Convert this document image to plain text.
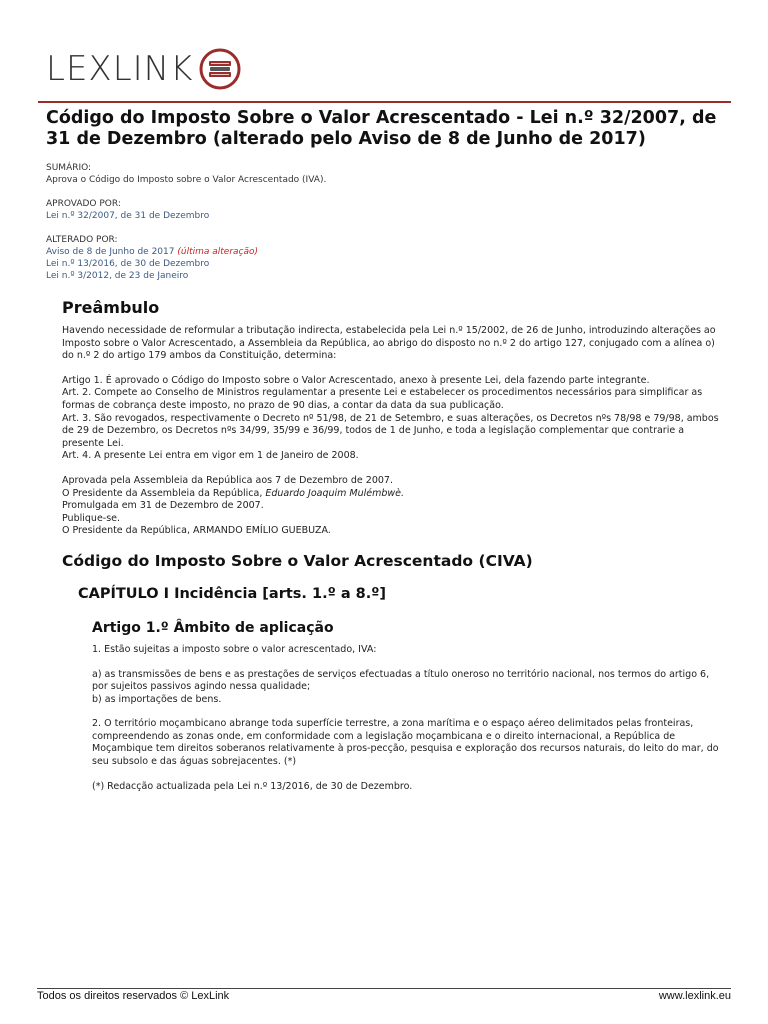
LEXLINK
Código do Imposto Sobre o Valor Acrescentado - Lei n.º 32/2007, de 31 de Dezembro (alterado pelo Aviso de 8 de Junho de 2017)
SUMÁRIO:
Aprova o Código do Imposto sobre o Valor Acrescentado (IVA).
APROVADO POR:
Lei n.º 32/2007, de 31 de Dezembro
ALTERADO POR:
Aviso de 8 de Junho de 2017 (última alteração)
Lei n.º 13/2016, de 30 de Dezembro
Lei n.º 3/2012, de 23 de Janeiro
Preâmbulo

Havendo necessidade de reformular a tributação indirecta, estabelecida pela Lei n.º 15/2002, de 26 de Junho, introduzindo alterações ao Imposto sobre o Valor Acrescentado, a Assembleia da República, ao abrigo do disposto no n.º 2 do artigo 127, conjugado com a alínea o) do n.º 2 do artigo 179 ambos da Constituição, determina:

Artigo 1. É aprovado o Código do Imposto sobre o Valor Acrescentado, anexo à presente Lei, dela fazendo parte integrante.

Art. 2. Compete ao Conselho de Ministros regulamentar a presente Lei e estabelecer os procedimentos necessários para simplificar as formas de cobrança deste imposto, no prazo de 90 dias, a contar da data da sua publicação.

Art. 3. São revogados, respectivamente o Decreto nº 51/98, de 21 de Setembro, e suas alterações, os Decretos nºs 78/98 e 79/98, ambos de 29 de Dezembro, os Decretos nºs 34/99, 35/99 e 36/99, todos de 1 de Junho, e toda a legislação complementar que contrarie a presente Lei.

Art. 4. A presente Lei entra em vigor em 1 de Janeiro de 2008.

Aprovada pela Assembleia da República aos 7 de Dezembro de 2007.

O Presidente da Assembleia da República, Eduardo Joaquim Mulémbwè.

Promulgada em 31 de Dezembro de 2007.

Publique-se.

O Presidente da República, ARMANDO EMÍLIO GUEBUZA.

Código do Imposto Sobre o Valor Acrescentado (CIVA)
CAPÍTULO I Incidência [arts. 1.º a 8.º]
Artigo 1.º Âmbito de aplicação

1. Estão sujeitas a imposto sobre o valor acrescentado, IVA:

a) as transmissões de bens e as prestações de serviços efectuadas a título oneroso no território nacional, nos termos do artigo 6, por sujeitos passivos agindo nessa qualidade;

b) as importações de bens.

2. O território moçambicano abrange toda superfície terrestre, a zona marítima e o espaço aéreo delimitados pelas fronteiras, compreendendo as zonas onde, em conformidade com a legislação moçambicana e o direito internacional, a República de Moçambique tem direitos soberanos relativamente à pros-pecção, pesquisa e exploração dos recursos naturais, do leito do mar, do seu subsolo e das águas sobrejacentes. (*)

(*) Redacção actualizada pela Lei n.º 13/2016, de 30 de Dezembro.

Todos os direitos reservados © LexLink	www.lexlink.eu
